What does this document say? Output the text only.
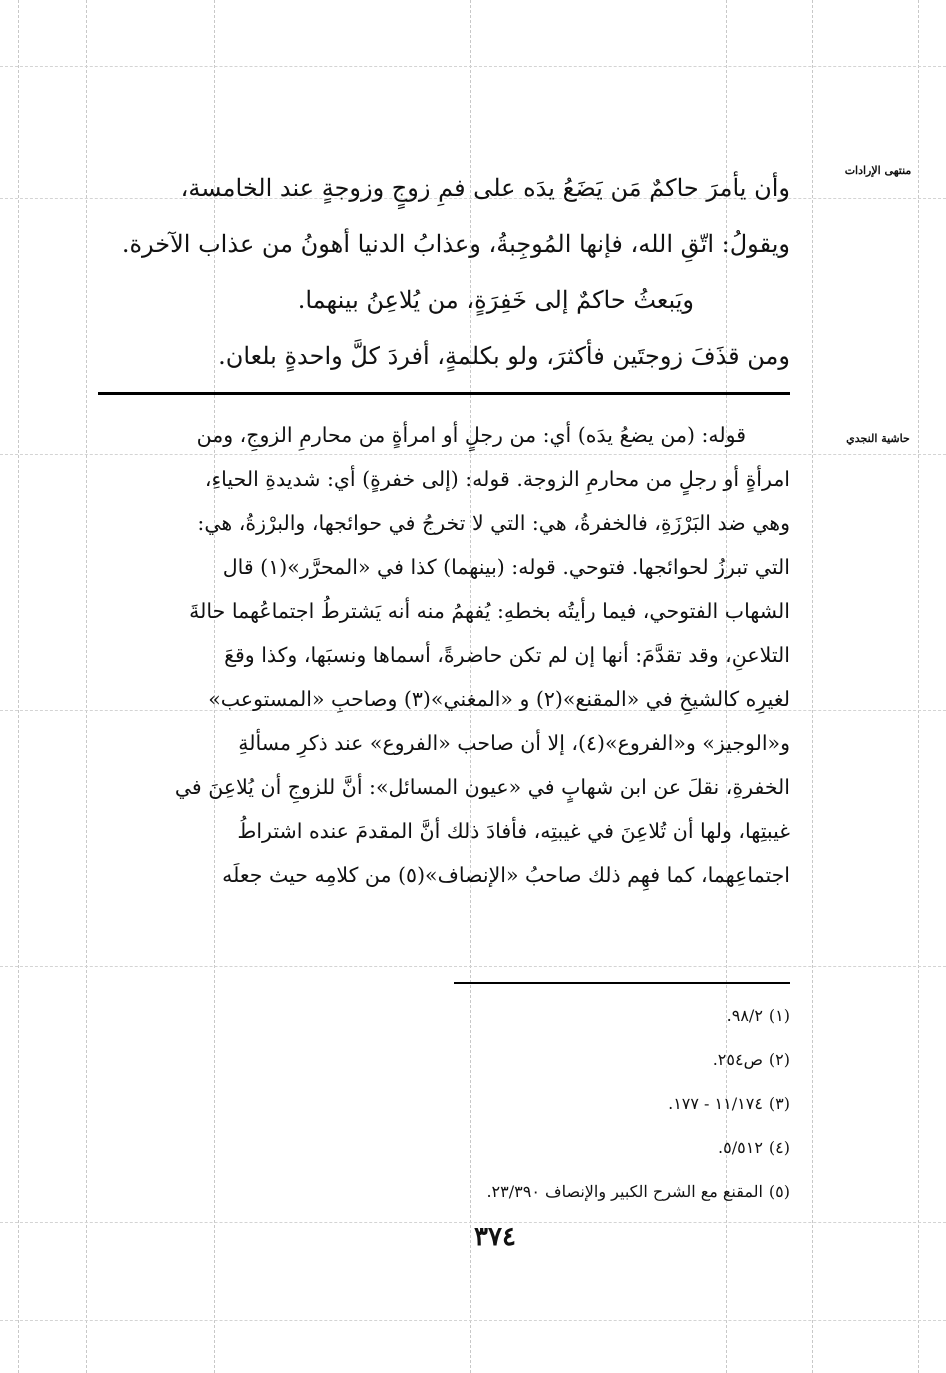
منتهى الإرادات
حاشية النجدي

وأن يأمرَ حاكمٌ مَن يَضَعُ يدَه على فمِ زوجٍ وزوجةٍ عند الخامسة،

ويقولُ: اتّقِ الله، فإنها المُوجِبةُ، وعذابُ الدنيا أهونُ من عذاب الآخرة.

ويَبعثُ حاكمٌ إلى خَفِرَةٍ، من يُلاعِنُ بينهما.

ومن قذَفَ زوجتَين فأكثرَ، ولو بكلمةٍ، أفردَ كلَّ واحدةٍ بلعان.

قوله: (من يضعُ يدَه) أي: من رجلٍ أو امرأةٍ من محارمِ الزوجِ، ومن

امرأةٍ أو رجلٍ من محارمِ الزوجة. قوله: (إلى خفرةٍ) أي: شديدةِ الحياءِ،

وهي ضد البَرْزَةِ، فالخفرةُ، هي: التي لا تخرجُ في حوائجها، والبرْزةُ، هي:

التي تبرزُ لحوائجها. فتوحي. قوله: (بينهما) كذا في «المحرَّر»(١) قال

الشهاب الفتوحي، فيما رأيتُه بخطهِ: يُفهمُ منه أنه يَشترطُ اجتماعُهما حالةَ

التلاعنِ، وقد تقدَّمَ: أنها إن لم تكن حاضرةً، أسماها ونسبَها، وكذا وقعَ

لغيرِه كالشيخِ في «المقنع»(٢) و «المغني»(٣) وصاحبِ «المستوعب»

و«الوجيز» و«الفروع»(٤)، إلا أن صاحب «الفروع» عند ذكرِ مسألةِ

الخفرةِ، نقلَ عن ابن شهابٍ في «عيون المسائل»: أنَّ للزوجِ أن يُلاعِنَ في

غيبتِها، ولها أن تُلاعِنَ في غيبتِه، فأفادَ ذلك أنَّ المقدمَ عنده اشتراطُ

اجتماعِهما، كما فهِم ذلك صاحبُ «الإنصاف»(٥) من كلامِه حيث جعلَه

(١)٩٨/٢.

(٢)ص٢٥٤.

(٣)١١/١٧٤ - ١٧٧.

(٤)٥/٥١٢.

(٥)المقنع مع الشرح الكبير والإنصاف ٢٣/٣٩٠.

٣٧٤
